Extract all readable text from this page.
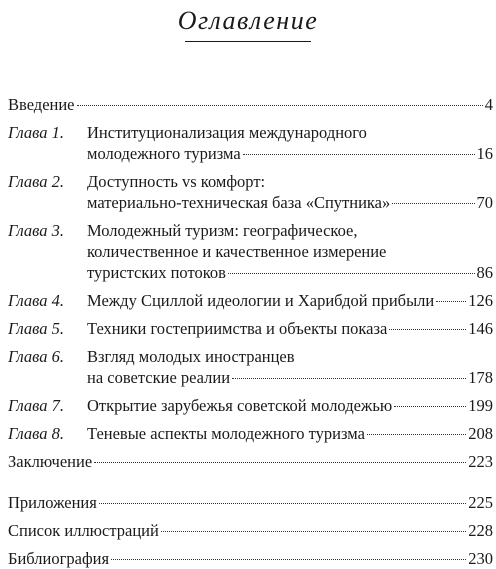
Оглавление
Введение	4
Глава 1.	Институционализация международного
молодежного туризма	16
Глава 2.	Доступность vs комфорт:
материально-техническая база «Спутника»	70
Глава 3.	Молодежный туризм: географическое,
количественное и качественное измерение
туристских потоков	86
Глава 4.	Между Сциллой идеологии и Харибдой прибыли 126
Глава 5.	Техники гостеприимства и объекты показа	146
Глава 6.	Взгляд молодых иностранцев
на советские реалии	178
Глава 7.	Открытие зарубежья советской молодежью	199
Глава 8.	Теневые аспекты молодежного туризма	208
Заключение	223
Приложения	225
Список иллюстраций	228
Библиография	230
